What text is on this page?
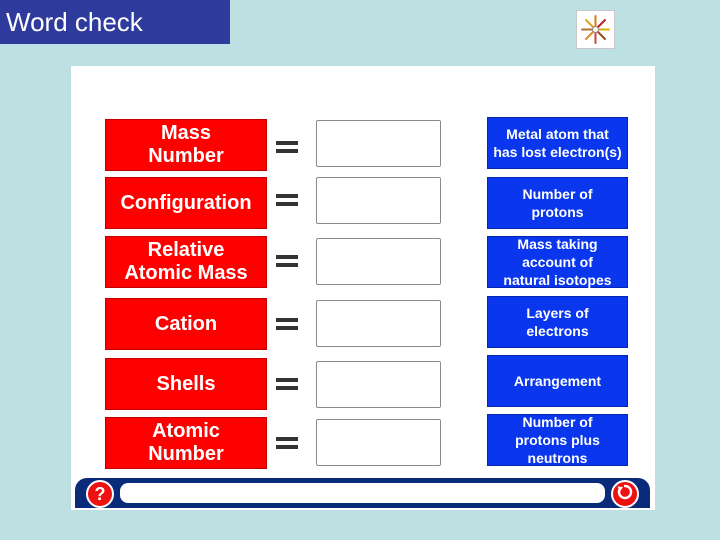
Word check
Mass
Number
Metal atom that
has lost electron(s)
Configuration	Number of
protons
Relative
Atomic Mass
Mass taking
account of
natural isotopes
Cation	Layers of
electrons
Shells	Arrangement
Atomic
Number
Number of
protons plus
neutrons
?
